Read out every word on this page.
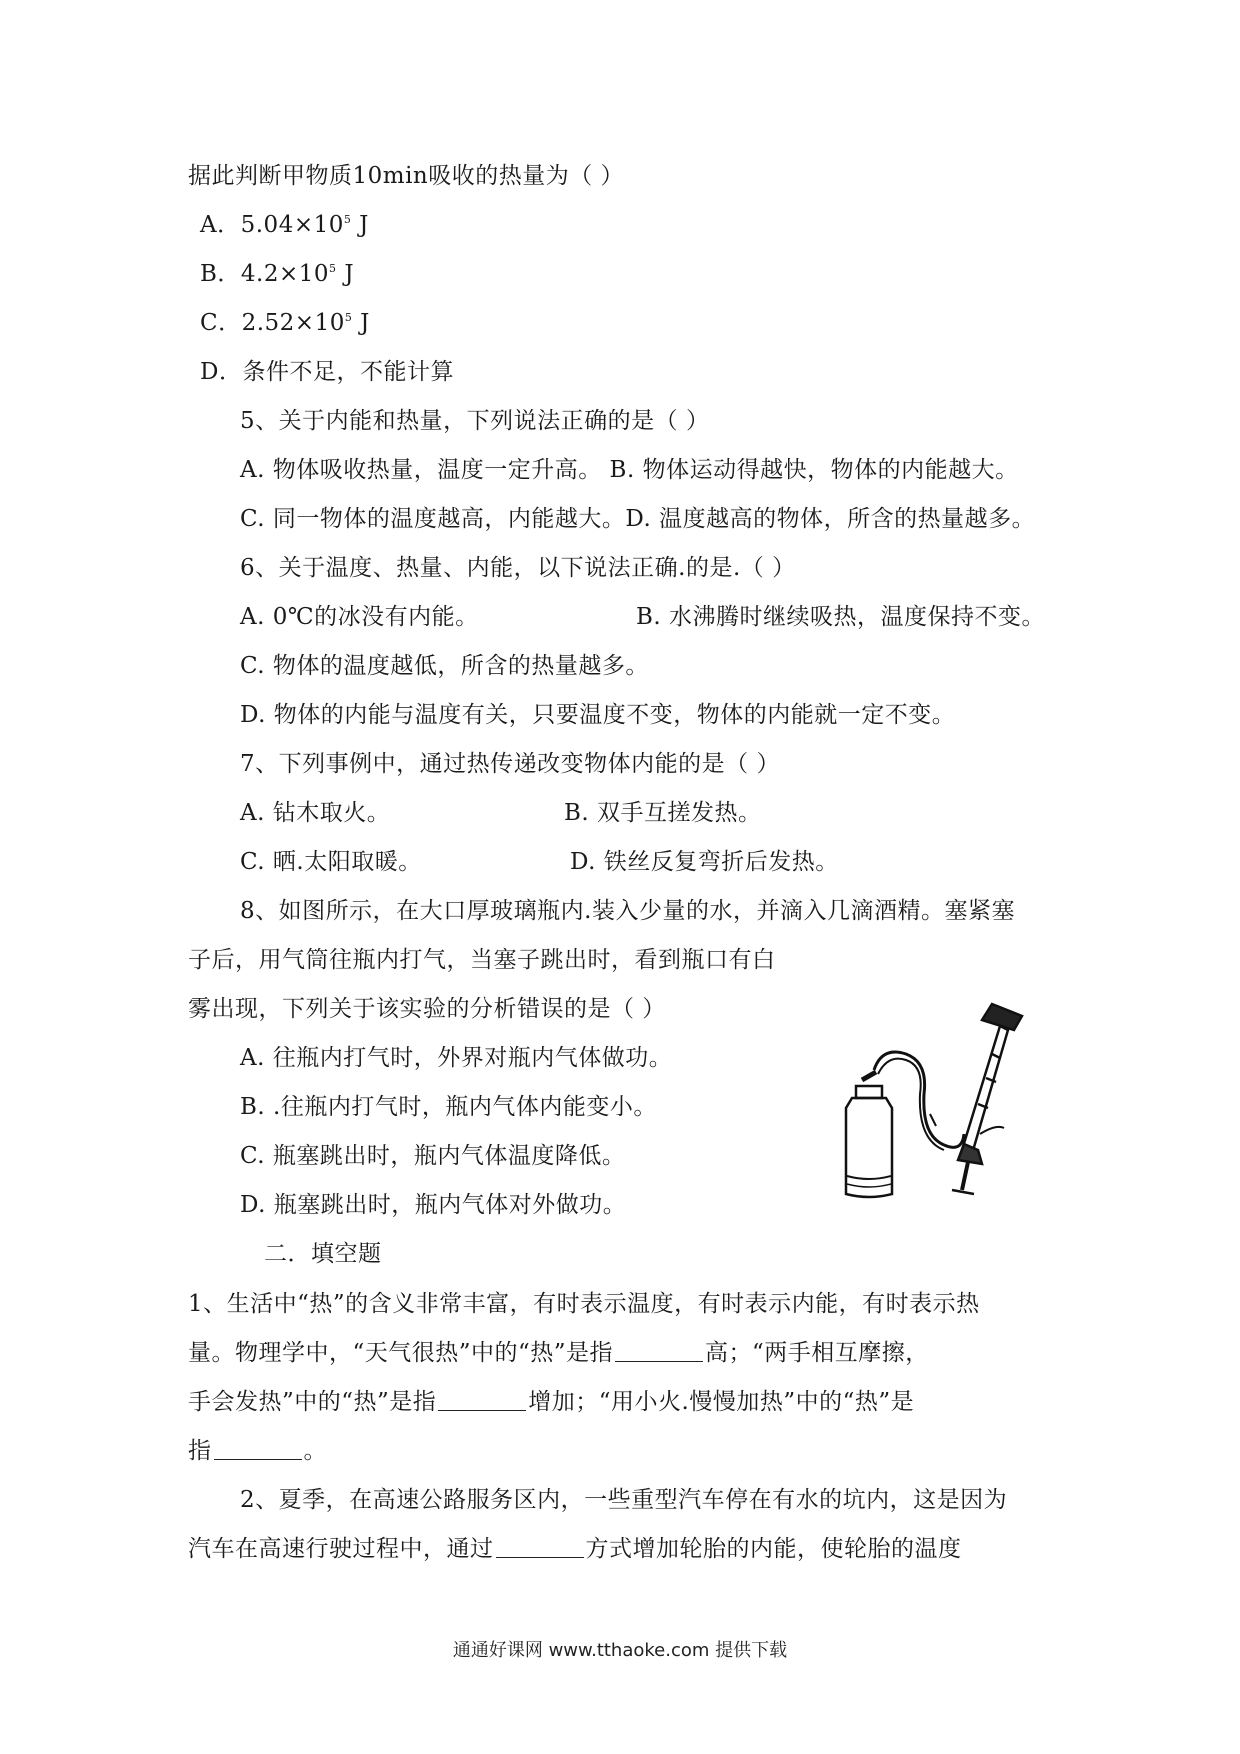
据此判断甲物质10min吸收的热量为（ ）
A．$5.04\times 10^5$ J
B．$4.2\times 10^5$ J
C．$2.52\times 10^5$ J
D．条件不足，不能计算
5、关于内能和热量，下列说法正确的是（ ）
A. 物体吸收热量，温度一定升高。 B. 物体运动得越快，物体的内能越大。
C. 同一物体的温度越高，内能越大。D. 温度越高的物体，所含的热量越多。
6、关于温度、热量、内能，以下说法正确.的是.（ ）
A. 0℃的冰没有内能。	B. 水沸腾时继续吸热，温度保持不变。
C. 物体的温度越低，所含的热量越多。
D. 物体的内能与温度有关，只要温度不变，物体的内能就一定不变。
7、下列事例中，通过热传递改变物体内能的是（ ）
A. 钻木取火。	B. 双手互搓发热。
C. 晒.太阳取暖。	D. 铁丝反复弯折后发热。
8、如图所示，在大口厚玻璃瓶内.装入少量的水，并滴入几滴酒精。塞紧塞
子后，用气筒往瓶内打气，当塞子跳出时，看到瓶口有白
雾出现，下列关于该实验的分析错误的是（ ）
A. 往瓶内打气时，外界对瓶内气体做功。
B. .往瓶内打气时，瓶内气体内能变小。
C. 瓶塞跳出时，瓶内气体温度降低。
D. 瓶塞跳出时，瓶内气体对外做功。
二．填空题
1、生活中“热”的含义非常丰富，有时表示温度，有时表示内能，有时表示热
量。物理学中，“天气很热”中的“热”是指	高；“两手相互摩擦，
手会发热”中的“热”是指	增加；“用小火.慢慢加热”中的“热”是
指	。
2、夏季，在高速公路服务区内，一些重型汽车停在有水的坑内，这是因为
汽车在高速行驶过程中，通过	方式增加轮胎的内能，使轮胎的温度
通通好课网 www.tthaoke.com 提供下载
